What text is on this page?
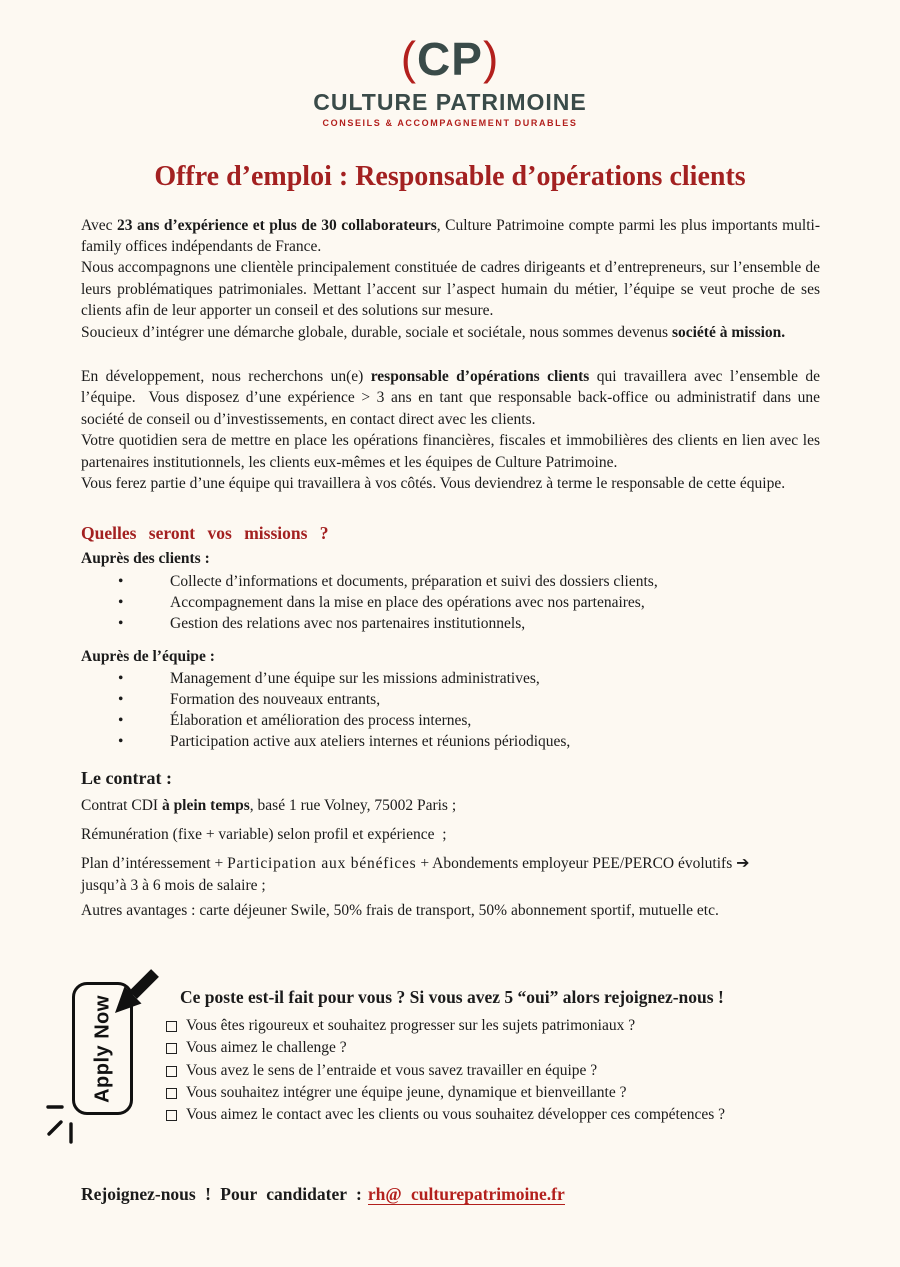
(CP)
CULTURE PATRIMOINE
CONSEILS & ACCOMPAGNEMENT DURABLES
Offre d’emploi : Responsable d’opérations clients

Avec 23 ans d’expérience et plus de 30 collaborateurs, Culture Patrimoine compte parmi les plus importants multi-family offices indépendants de France.

Nous accompagnons une clientèle principalement constituée de cadres dirigeants et d’entrepreneurs, sur l’ensemble de leurs problématiques patrimoniales. Mettant l’accent sur l’aspect humain du métier, l’équipe se veut proche de ses clients afin de leur apporter un conseil et des solutions sur mesure.

Soucieux d’intégrer une démarche globale, durable, sociale et sociétale, nous sommes devenus société à mission.

En développement, nous recherchons un(e) responsable d’opérations clients qui travaillera avec l’ensemble de l’équipe.  Vous disposez d’une expérience > 3 ans en tant que responsable back-office ou administratif dans une société de conseil ou d’investissements, en contact direct avec les clients.

Votre quotidien sera de mettre en place les opérations financières, fiscales et immobilières des clients en lien avec les partenaires institutionnels, les clients eux-mêmes et les équipes de Culture Patrimoine.

Vous ferez partie d’une équipe qui travaillera à vos côtés. Vous deviendrez à terme le responsable de cette équipe.

Quelles seront vos missions ?
Auprès des clients :
•	Collecte d’informations et documents, préparation et suivi des dossiers clients,
•	Accompagnement dans la mise en place des opérations avec nos partenaires,
•	Gestion des relations avec nos partenaires institutionnels,
Auprès de l’équipe :
•	Management d’une équipe sur les missions administratives,
•	Formation des nouveaux entrants,
•	Élaboration et amélioration des process internes,
•	Participation active aux ateliers internes et réunions périodiques,
Le contrat :

Contrat CDI à plein temps, basé 1 rue Volney, 75002 Paris ;

Rémunération (fixe + variable) selon profil et expérience  ;

Plan d’intéressement + Participation aux bénéfices + Abondements employeur PEE/PERCO évolutifs ➔
jusqu’à 3 à 6 mois de salaire ;

Autres avantages : carte déjeuner Swile, 50% frais de transport, 50% abonnement sportif, mutuelle etc.

Apply Now	Ce poste est-il fait pour vous ? Si vous avez 5 “oui” alors rejoignez-nous !
Vous êtes rigoureux et souhaitez progresser sur les sujets patrimoniaux ?
Vous aimez le challenge ?
Vous avez le sens de l’entraide et vous savez travailler en équipe ?
Vous souhaitez intégrer une équipe jeune, dynamique et bienveillante ?
Vous aimez le contact avec les clients ou vous souhaitez développer ces compétences ?
Rejoignez-nous ! Pour candidater : rh@ culturepatrimoine.fr
